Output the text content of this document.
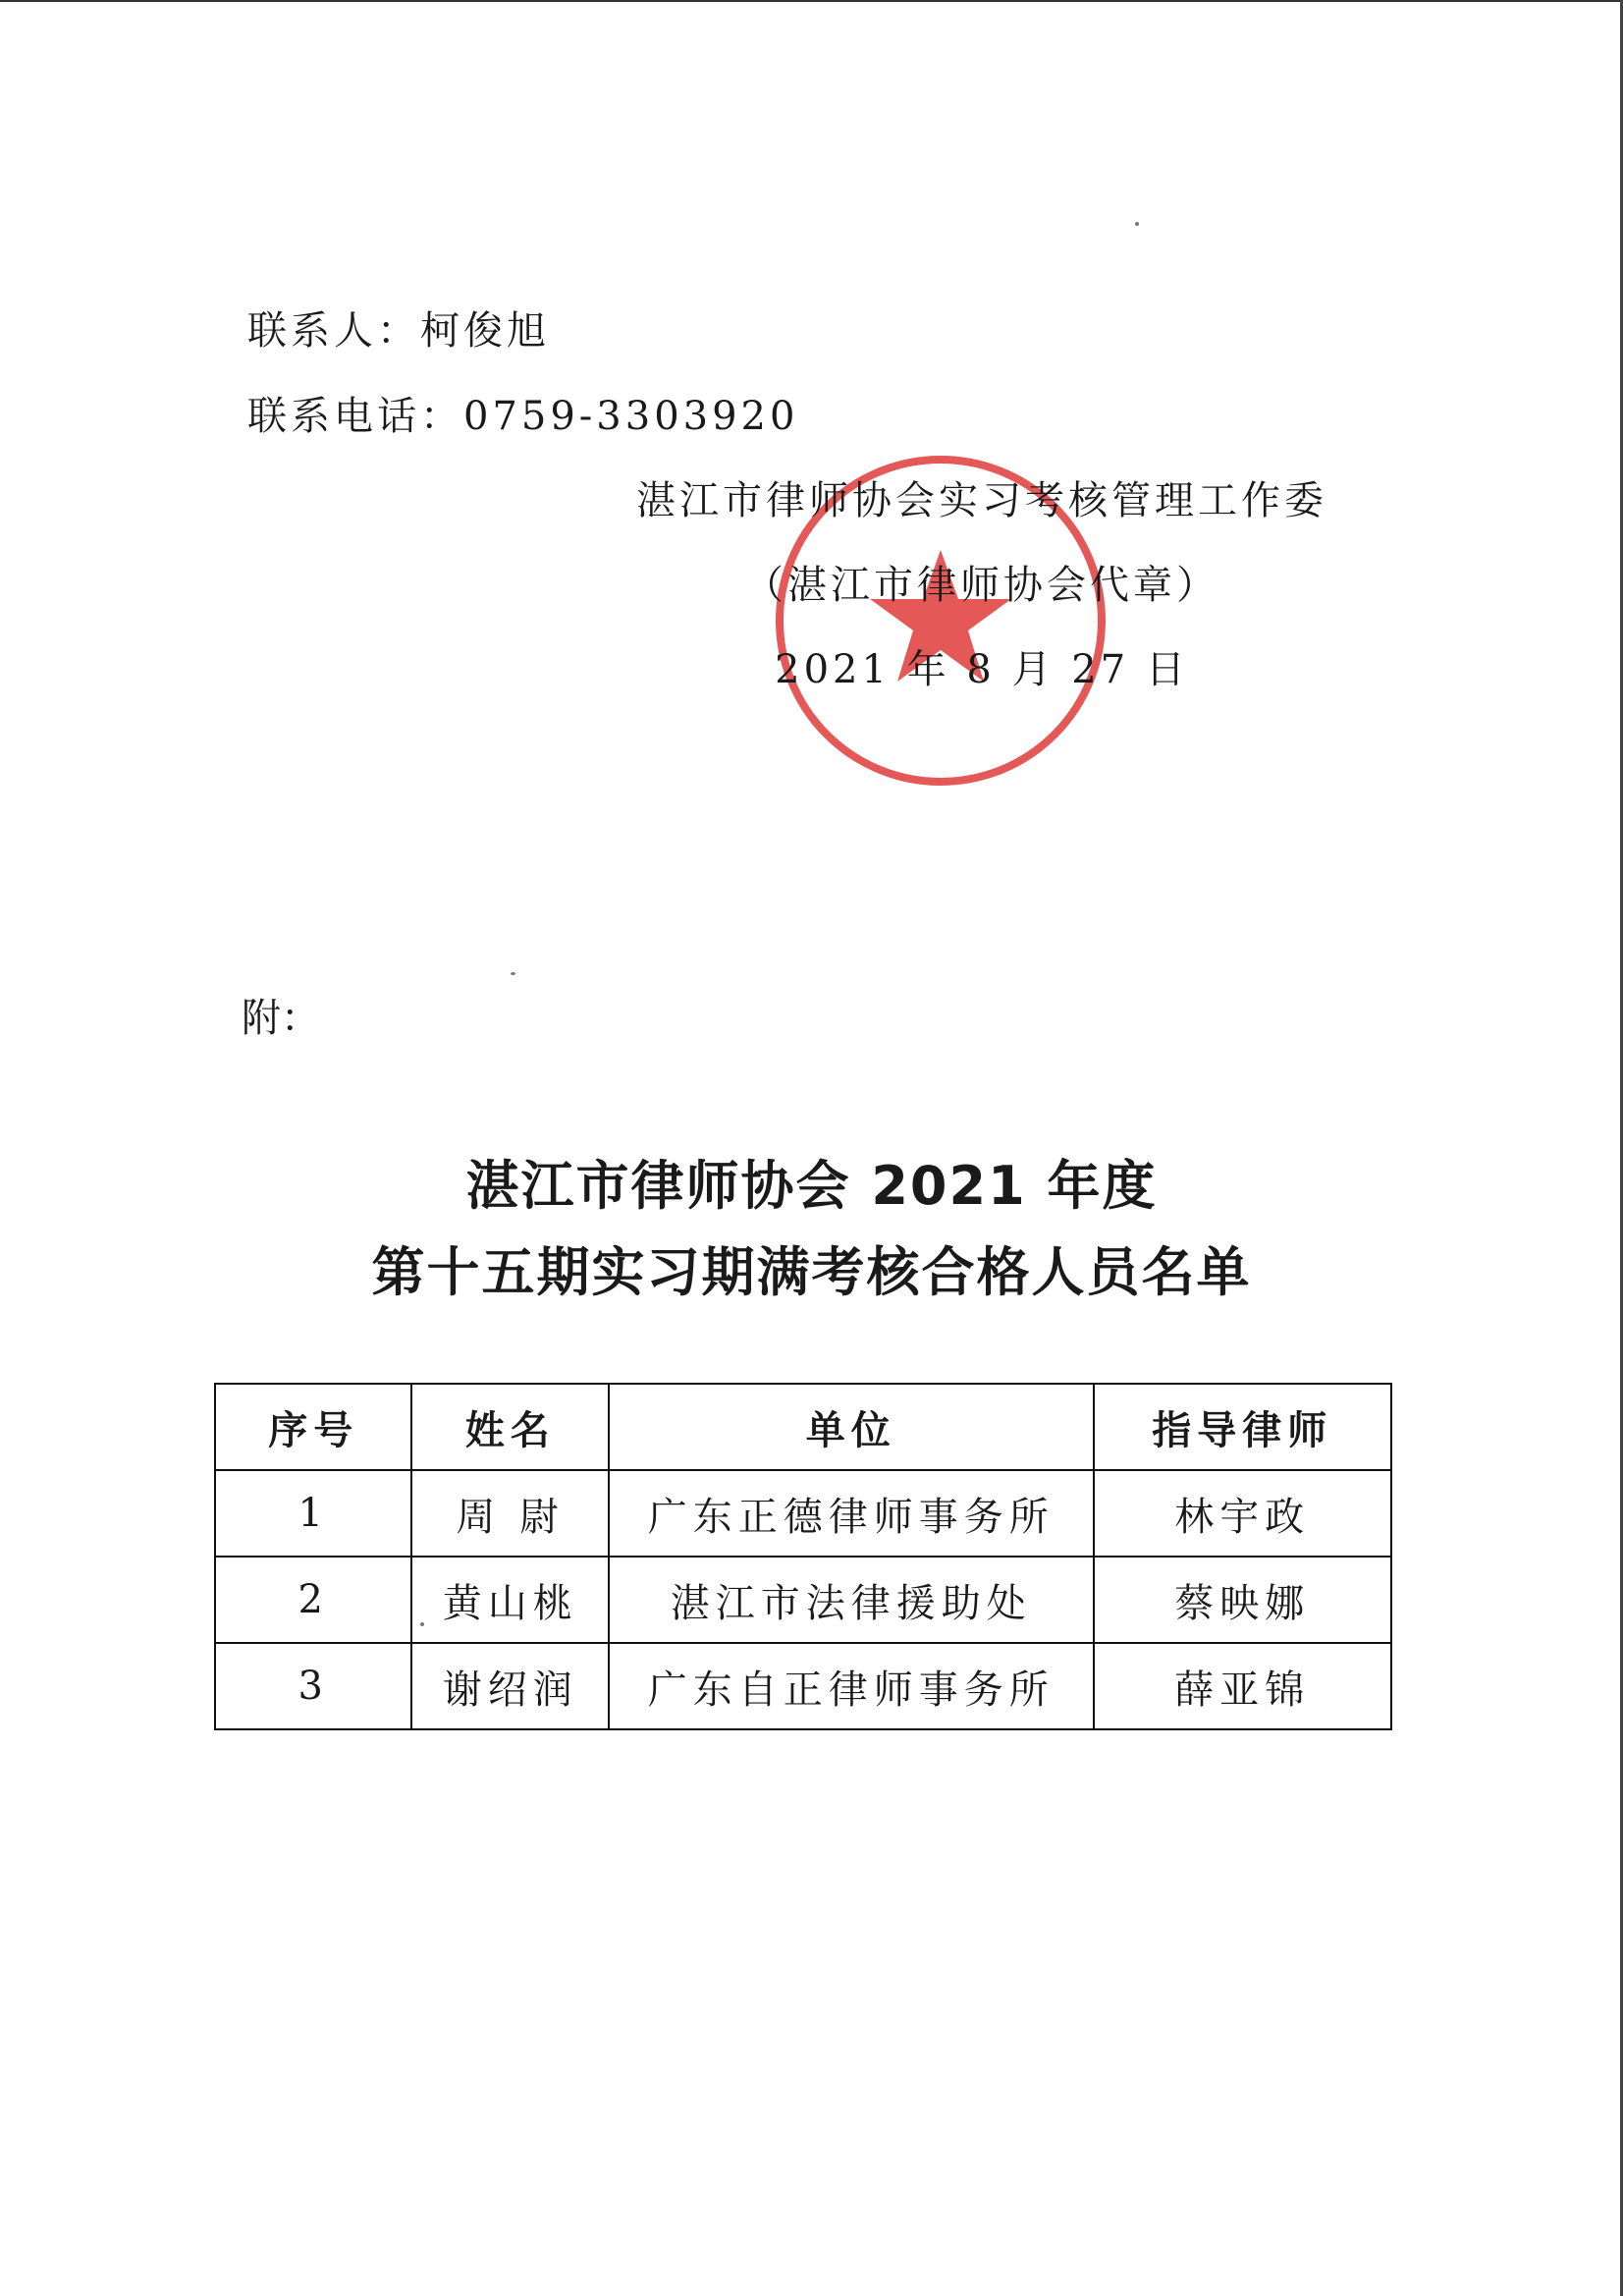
联系人：柯俊旭
联系电话：0759-3303920
湛江市律师协会实习考核管理工作委
（湛江市律师协会代章）
2021 年 8 月 27 日
附：
湛江市律师协会 2021 年度
第十五期实习期满考核合格人员名单
序号	姓名	单位	指导律师
1	周 尉	广东正德律师事务所	林宇政
2	黄山桃	湛江市法律援助处	蔡映娜
3	谢绍润	广东自正律师事务所	薛亚锦
